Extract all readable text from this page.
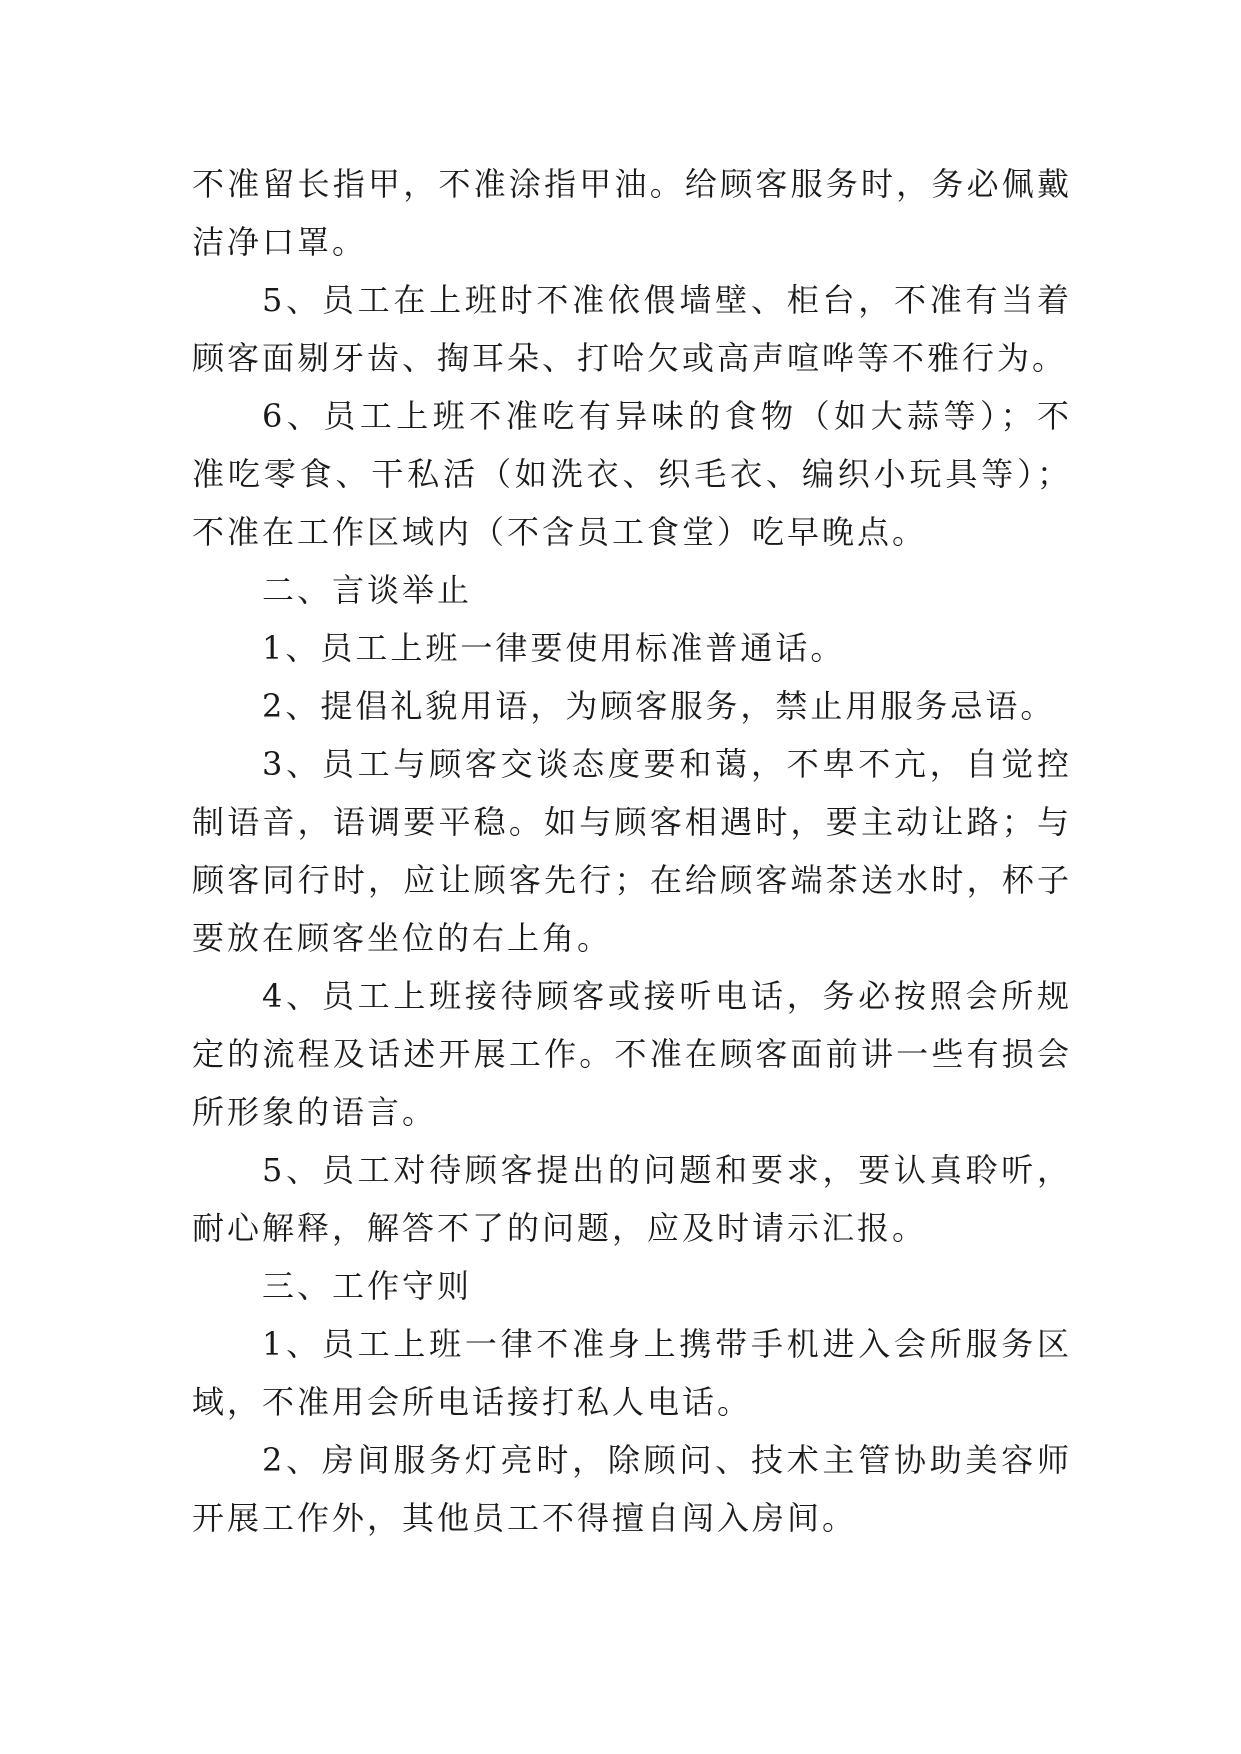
不准留长指甲，不准涂指甲油。给顾客服务时，务必佩戴洁净口罩。

5、员工在上班时不准依偎墙壁、柜台，不准有当着顾客面剔牙齿、掏耳朵、打哈欠或高声喧哗等不雅行为。

6、员工上班不准吃有异味的食物（如大蒜等）；不准吃零食、干私活（如洗衣、织毛衣、编织小玩具等）；不准在工作区域内（不含员工食堂）吃早晚点。

二、言谈举止

1、员工上班一律要使用标准普通话。

2、提倡礼貌用语，为顾客服务，禁止用服务忌语。

3、员工与顾客交谈态度要和蔼，不卑不亢，自觉控制语音，语调要平稳。如与顾客相遇时，要主动让路；与顾客同行时，应让顾客先行；在给顾客端茶送水时，杯子要放在顾客坐位的右上角。

4、员工上班接待顾客或接听电话，务必按照会所规定的流程及话述开展工作。不准在顾客面前讲一些有损会所形象的语言。

5、员工对待顾客提出的问题和要求，要认真聆听，耐心解释，解答不了的问题，应及时请示汇报。

三、工作守则

1、员工上班一律不准身上携带手机进入会所服务区域，不准用会所电话接打私人电话。

2、房间服务灯亮时，除顾问、技术主管协助美容师开展工作外，其他员工不得擅自闯入房间。
